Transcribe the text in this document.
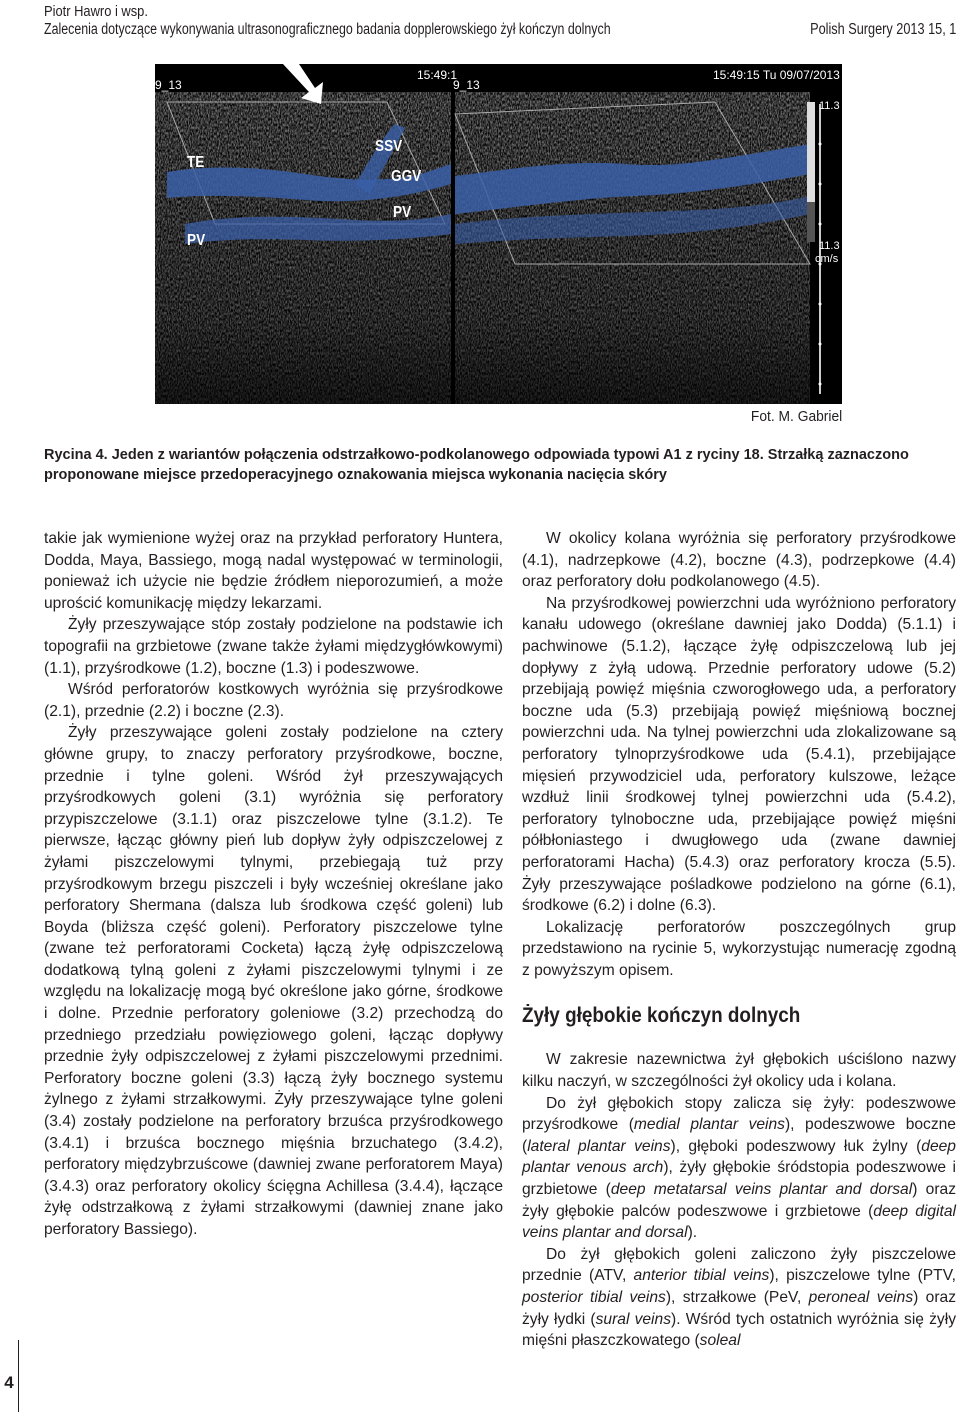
Piotr Hawro i wsp.
Zalecenia dotyczące wykonywania ultrasonograficznego badania dopplerowskiego żył kończyn dolnych	Polish Surgery 2013 15, 1
9_13
15:49:1
9_13
15:49:15 Tu 09/07/2013
11.3
11.3
cm/s
TE
PV
SSV
GGV
PV
Fot. M. Gabriel
Rycina 4. Jeden z wariantów połączenia odstrzałkowo-podkolanowego odpowiada typowi A1 z ryciny 18. Strzałką zaznaczono proponowane miejsce przedoperacyjnego oznakowania miejsca wykonania nacięcia skóry

takie jak wymienione wyżej oraz na przykład perforatory Huntera, Dodda, Maya, Bassiego, mogą nadal występować w terminologii, ponieważ ich użycie nie będzie źródłem nieporozumień, a może uprościć komunikację między lekarzami.

Żyły przeszywające stóp zostały podzielone na podstawie ich topografii na grzbietowe (zwane także żyłami międzygłówkowymi) (1.1), przyśrodkowe (1.2), boczne (1.3) i podeszwowe.

Wśród perforatorów kostkowych wyróżnia się przyśrodkowe (2.1), przednie (2.2) i boczne (2.3).

Żyły przeszywające goleni zostały podzielone na cztery główne grupy, to znaczy perforatory przyśrodkowe, boczne, przednie i tylne goleni. Wśród żył przeszywających przyśrodkowych goleni (3.1) wyróżnia się perforatory przypiszczelowe (3.1.1) oraz piszczelowe tylne (3.1.2). Te pierwsze, łącząc główny pień lub dopływ żyły odpiszczelowej z żyłami piszczelowymi tylnymi, przebiegają tuż przy przyśrodkowym brzegu piszczeli i były wcześniej określane jako perforatory Shermana (dalsza lub środkowa część goleni) lub Boyda (bliższa część goleni). Perforatory piszczelowe tylne (zwane też perforatorami Cocketa) łączą żyłę odpiszczelową dodatkową tylną goleni z żyłami piszczelowymi tylnymi i ze względu na lokalizację mogą być określone jako górne, środkowe i dolne. Przednie perforatory goleniowe (3.2) przechodzą do przedniego przedziału powięziowego goleni, łącząc dopływy przednie żyły odpiszczelowej z żyłami piszczelowymi przednimi. Perforatory boczne goleni (3.3) łączą żyły bocznego systemu żylnego z żyłami strzałkowymi. Żyły przeszywające tylne goleni (3.4) zostały podzielone na perforatory brzuśca przyśrodkowego (3.4.1) i brzuśca bocznego mięśnia brzuchatego (3.4.2), perforatory międzybrzuścowe (dawniej zwane perforatorem Maya) (3.4.3) oraz perforatory okolicy ścięgna Achillesa (3.4.4), łączące żyłę odstrzałkową z żyłami strzałkowymi (dawniej znane jako perforatory Bassiego).

W okolicy kolana wyróżnia się perforatory przyśrodkowe (4.1), nadrzepkowe (4.2), boczne (4.3), podrzepkowe (4.4) oraz perforatory dołu podkolanowego (4.5).

Na przyśrodkowej powierzchni uda wyróżniono perforatory kanału udowego (określane dawniej jako Dodda) (5.1.1) i pachwinowe (5.1.2), łączące żyłę odpiszczelową lub jej dopływy z żyłą udową. Przednie perforatory udowe (5.2) przebijają powięź mięśnia czworogłowego uda, a perforatory boczne uda (5.3) przebijają powięź mięśniową bocznej powierzchni uda. Na tylnej powierzchni uda zlokalizowane są perforatory tylnoprzyśrodkowe uda (5.4.1), przebijające mięsień przywodziciel uda, perforatory kulszowe, leżące wzdłuż linii środkowej tylnej powierzchni uda (5.4.2), perforatory tylnoboczne uda, przebijające powięź mięśni półbłoniastego i dwugłowego uda (zwane dawniej perforatorami Hacha) (5.4.3) oraz perforatory krocza (5.5). Żyły przeszywające pośladkowe podzielono na górne (6.1), środkowe (6.2) i dolne (6.3).

Lokalizację perforatorów poszczególnych grup przedstawiono na rycinie 5, wykorzystując numerację zgodną z powyższym opisem.

Żyły głębokie kończyn dolnych

W zakresie nazewnictwa żył głębokich uściślono nazwy kilku naczyń, w szczególności żył okolicy uda i kolana.

Do żył głębokich stopy zalicza się żyły: podeszwowe przyśrodkowe (medial plantar veins), podeszwowe boczne (lateral plantar veins), głęboki podeszwowy łuk żylny (deep plantar venous arch), żyły głębokie śródstopia podeszwowe i grzbietowe (deep metatarsal veins plantar and dorsal) oraz żyły głębokie palców podeszwowe i grzbietowe (deep digital veins plantar and dorsal).

Do żył głębokich goleni zaliczono żyły piszczelowe przednie (ATV, anterior tibial veins), piszczelowe tylne (PTV, posterior tibial veins), strzałkowe (PeV, peroneal veins) oraz żyły łydki (sural veins). Wśród tych ostatnich wyróżnia się żyły mięśni płaszczkowatego (soleal

4
